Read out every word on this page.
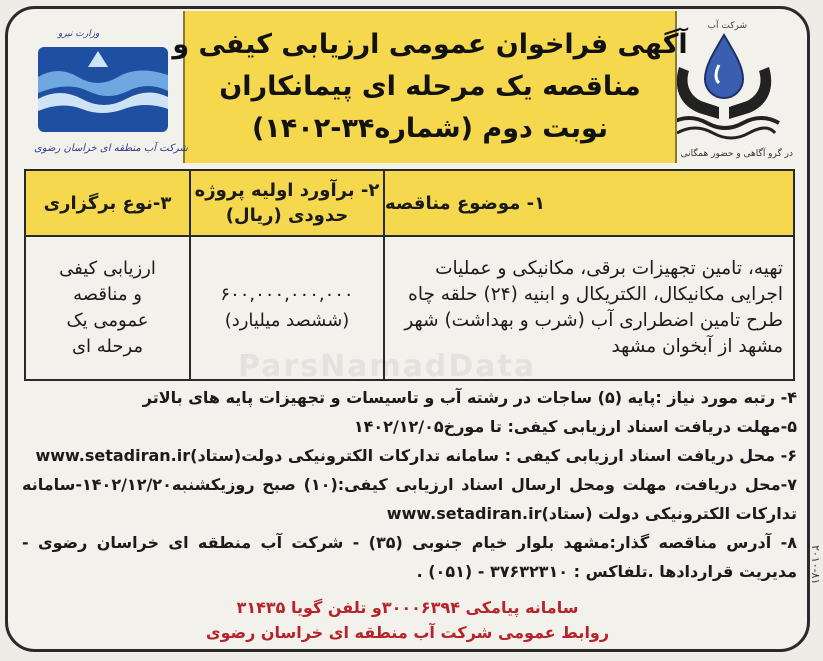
شرکت آب
در گرو آگاهی و حضور همگانی
آگهی فراخوان عمومی ارزیابی کیفی و
مناقصه یک مرحله ای پیمانکاران
نوبت دوم (شماره۳۴-۱۴۰۲)
وزارت نیرو
شرکت آب منطقه ای خراسان رضوی
ParsNamadData
۳-نوع برگزاری
۲- برآورد اولیه پروژه حدودی (ریال)
۱- موضوع مناقصه
ارزیابی کیفی و مناقصه عمومی یک مرحله ای
۶۰۰,۰۰۰,۰۰۰,۰۰۰
(ششصد میلیارد)
تهیه، تامین تجهیزات برقی، مکانیکی و عملیات اجرایی مکانیکال، الکتریکال و ابنیه (۲۴) حلقه چاه طرح تامین اضطراری آب (شرب و بهداشت) شهر مشهد از آبخوان مشهد
۴- رتبه مورد نیاز :پایه (۵) ساجات در رشته آب و تاسیسات و تجهیزات پایه های بالاتر
۵-مهلت دریافت اسناد ارزیابی کیفی: تا مورخ۱۴۰۲/۱۲/۰۵
۶- محل دریافت اسناد ارزیابی کیفی : سامانه تدارکات الکترونیکی دولت(ستاد)www.setadiran.ir
۷-محل دریافت، مهلت ومحل ارسال اسناد ارزیابی کیفی:(۱۰) صبح روزیکشنبه۱۴۰۲/۱۲/۲۰-سامانه تدارکات الکترونیکی دولت (ستاد)www.setadiran.ir
۸- آدرس مناقصه گذار:مشهد بلوار خیام جنوبی (۳۵) - شرکت آب منطقه ای خراسان رضوی - مدیریت قراردادها .تلفاکس : ۳۷۶۳۲۳۱۰ - (۰۵۱) .
سامانه پیامکی ۳۰۰۰۶۳۹۴و تلفن گویا ۳۱۴۳۵
روابط عمومی شرکت آب منطقه ای خراسان رضوی
۲۰۱۰-۸۱
